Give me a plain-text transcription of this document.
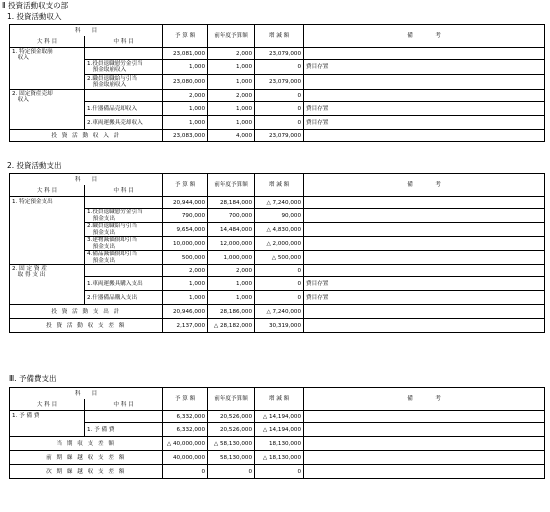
Ⅱ 投資活動収支の部
1. 投資活動収入
科　　目		予 算 額	前年度予算額	増 減 額	備　　　　考
大 科 目	中 科 目				
1. 特定預金取崩
　収入		23,081,000	2,000	23,079,000	
	1.役員退職慰労金引当
　預金取崩収入	1,000	1,000	0	費目存置
	2.職員退職給与引当
　預金取崩収入	23,080,000	1,000	23,079,000	
2. 固定資産売却
　収入		2,000	2,000	0	
	1.什器備品売却収入	1,000	1,000	0	費目存置
	2.車両運搬具売却収入	1,000	1,000	0	費目存置
投 資 活 動 収 入 計		23,083,000	4,000	23,079,000	
2. 投資活動支出
科　　目		予 算 額	前年度予算額	増 減 額	備　　　　考
大 科 目	中 科 目				
1. 特定預金支出		20,944,000	28,184,000	△ 7,240,000	
	1.役員退職慰労金引当
　預金支出	790,000	700,000	90,000	
	2.職員退職給与引当
　預金支出	9,654,000	14,484,000	△ 4,830,000	
	3.建物減価償却引当
　預金支出	10,000,000	12,000,000	△ 2,000,000	
	4.備品減価償却引当
　預金支出	500,000	1,000,000	△ 500,000	
2. 固 定 資 産
　取 得 支 出		2,000	2,000	0	
	1.車両運搬具購入支出	1,000	1,000	0	費目存置
	2.什器備品購入支出	1,000	1,000	0	費目存置
投 資 活 動 支 出 計		20,946,000	28,186,000	△ 7,240,000	
投 資 活 動 収 支 差 額		2,137,000	△ 28,182,000	30,319,000	
Ⅲ. 予備費支出
科　　目		予 算 額	前年度予算額	増 減 額	備　　　　考
大 科 目	中 科 目				
1. 予 備 費		6,332,000	20,526,000	△ 14,194,000	
	1. 予 備 費	6,332,000	20,526,000	△ 14,194,000	
当 期 収 支 差 額		△ 40,000,000	△ 58,130,000	18,130,000	
前 期 繰 越 収 支 差 額		40,000,000	58,130,000	△ 18,130,000	
次 期 繰 越 収 支 差 額		0	0	0	
